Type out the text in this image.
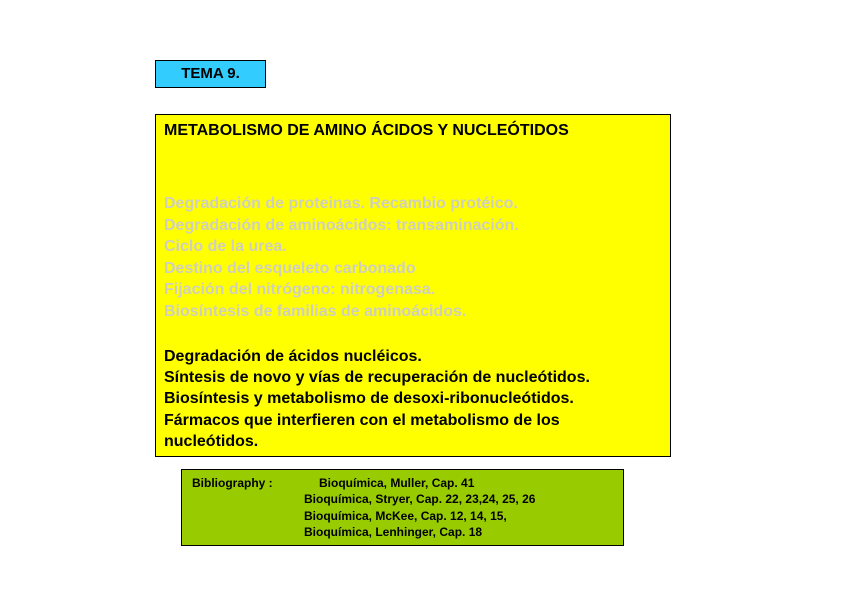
TEMA 9.
METABOLISMO DE AMINO ÁCIDOS Y NUCLEÓTIDOS
Degradación de proteinas. Recambio protéico.
Degradación de aminoácidos: transaminación.
Ciclo de la urea.
Destino del esqueleto carbonado
Fijación del nitrógeno: nitrogenasa.
Biosíntesis de familias de aminoácidos.
Degradación de ácidos nucléicos.
Síntesis de novo y vías de recuperación de nucleótidos.
Biosíntesis y metabolismo de desoxi-ribonucleótidos.
Fármacos que interfieren con el metabolismo de los
nucleótidos.
Bibliography :	Bioquímica, Muller, Cap. 41
Bioquímica, Stryer, Cap. 22, 23,24, 25, 26
Bioquímica, McKee, Cap. 12, 14, 15,
Bioquímica, Lenhinger, Cap. 18
